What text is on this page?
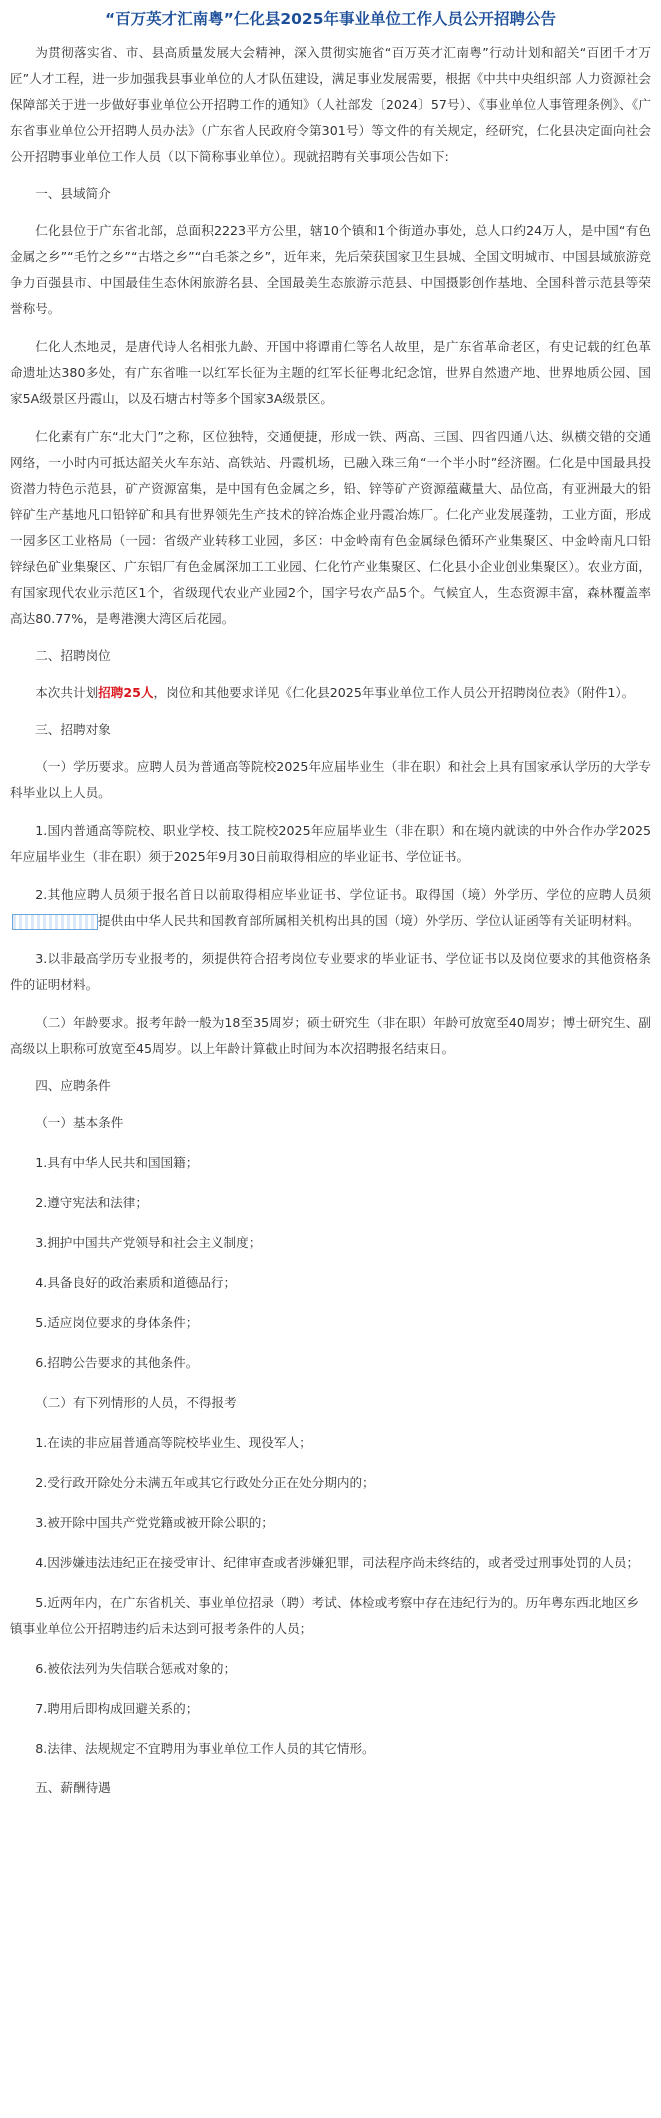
“百万英才汇南粤”仁化县2025年事业单位工作人员公开招聘公告

为贯彻落实省、市、县高质量发展大会精神，深入贯彻实施省“百万英才汇南粤”行动计划和韶关“百团千才万匠”人才工程，进一步加强我县事业单位的人才队伍建设，满足事业发展需要，根据《中共中央组织部 人力资源社会保障部关于进一步做好事业单位公开招聘工作的通知》（人社部发〔2024〕57号）、《事业单位人事管理条例》、《广东省事业单位公开招聘人员办法》（广东省人民政府令第301号）等文件的有关规定，经研究，仁化县决定面向社会公开招聘事业单位工作人员（以下简称事业单位）。现就招聘有关事项公告如下:

一、县域简介

仁化县位于广东省北部，总面积2223平方公里，辖10个镇和1个街道办事处，总人口约24万人，是中国“有色金属之乡”“毛竹之乡”“古塔之乡”“白毛茶之乡”，近年来，先后荣获国家卫生县城、全国文明城市、中国县域旅游竞争力百强县市、中国最佳生态休闲旅游名县、全国最美生态旅游示范县、中国摄影创作基地、全国科普示范县等荣誉称号。

仁化人杰地灵，是唐代诗人名相张九龄、开国中将谭甫仁等名人故里，是广东省革命老区，有史记载的红色革命遗址达380多处，有广东省唯一以红军长征为主题的红军长征粤北纪念馆，世界自然遗产地、世界地质公园、国家5A级景区丹霞山，以及石塘古村等多个国家3A级景区。

仁化素有广东“北大门”之称，区位独特，交通便捷，形成一铁、两高、三国、四省四通八达、纵横交错的交通网络，一小时内可抵达韶关火车东站、高铁站、丹霞机场，已融入珠三角“一个半小时”经济圈。仁化是中国最具投资潜力特色示范县，矿产资源富集，是中国有色金属之乡，铅、锌等矿产资源蕴藏量大、品位高，有亚洲最大的铅锌矿生产基地凡口铅锌矿和具有世界领先生产技术的锌冶炼企业丹霞冶炼厂。仁化产业发展蓬勃，工业方面，形成一园多区工业格局（一园：省级产业转移工业园，多区：中金岭南有色金属绿色循环产业集聚区、中金岭南凡口铅锌绿色矿业集聚区、广东铝厂有色金属深加工工业园、仁化竹产业集聚区、仁化县小企业创业集聚区）。农业方面，有国家现代农业示范区1个，省级现代农业产业园2个，国字号农产品5个。气候宜人，生态资源丰富，森林覆盖率高达80.77%，是粤港澳大湾区后花园。

二、招聘岗位

本次共计划招聘25人，岗位和其他要求详见《仁化县2025年事业单位工作人员公开招聘岗位表》（附件1）。

三、招聘对象

（一）学历要求。应聘人员为普通高等院校2025年应届毕业生（非在职）和社会上具有国家承认学历的大学专科毕业以上人员。

1.国内普通高等院校、职业学校、技工院校2025年应届毕业生（非在职）和在境内就读的中外合作办学2025年应届毕业生（非在职）须于2025年9月30日前取得相应的毕业证书、学位证书。

2.其他应聘人员须于报名首日以前取得相应毕业证书、学位证书。取得国（境）外学历、学位的应聘人员须提供由中华人民共和国教育部所属相关机构出具的国（境）外学历、学位认证函等有关证明材料。

3.以非最高学历专业报考的，须提供符合招考岗位专业要求的毕业证书、学位证书以及岗位要求的其他资格条件的证明材料。

（二）年龄要求。报考年龄一般为18至35周岁；硕士研究生（非在职）年龄可放宽至40周岁；博士研究生、副高级以上职称可放宽至45周岁。以上年龄计算截止时间为本次招聘报名结束日。

四、应聘条件
（一）基本条件
1.具有中华人民共和国国籍；
2.遵守宪法和法律；
3.拥护中国共产党领导和社会主义制度；
4.具备良好的政治素质和道德品行；
5.适应岗位要求的身体条件；
6.招聘公告要求的其他条件。
（二）有下列情形的人员，不得报考
1.在读的非应届普通高等院校毕业生、现役军人；
2.受行政开除处分未满五年或其它行政处分正在处分期内的；
3.被开除中国共产党党籍或被开除公职的；
4.因涉嫌违法违纪正在接受审计、纪律审查或者涉嫌犯罪，司法程序尚未终结的，或者受过刑事处罚的人员；
5.近两年内，在广东省机关、事业单位招录（聘）考试、体检或考察中存在违纪行为的。历年粤东西北地区乡镇事业单位公开招聘违约后未达到可报考条件的人员；
6.被依法列为失信联合惩戒对象的；
7.聘用后即构成回避关系的；
8.法律、法规规定不宜聘用为事业单位工作人员的其它情形。
五、薪酬待遇
